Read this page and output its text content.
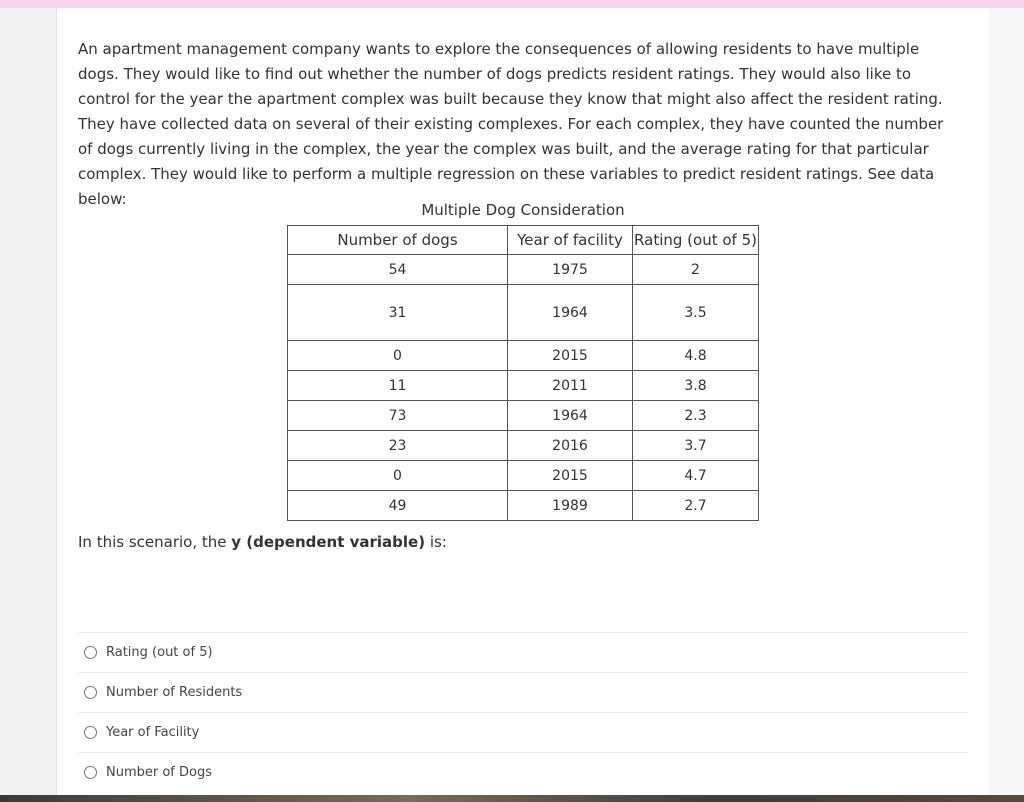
An apartment management company wants to explore the consequences of allowing residents to have multiple dogs. They would like to find out whether the number of dogs predicts resident ratings. They would also like to control for the year the apartment complex was built because they know that might also affect the resident rating. They have collected data on several of their existing complexes. For each complex, they have counted the number of dogs currently living in the complex, the year the complex was built, and the average rating for that particular complex. They would like to perform a multiple regression on these variables to predict resident ratings. See data below:

Multiple Dog Consideration
Number of dogs	Year of facility	Rating (out of 5)
54	1975	2
31	1964	3.5
0	2015	4.8
11	2011	3.8
73	1964	2.3
23	2016	3.7
0	2015	4.7
49	1989	2.7
In this scenario, the y (dependent variable) is:
Rating (out of 5)
Number of Residents
Year of Facility
Number of Dogs
